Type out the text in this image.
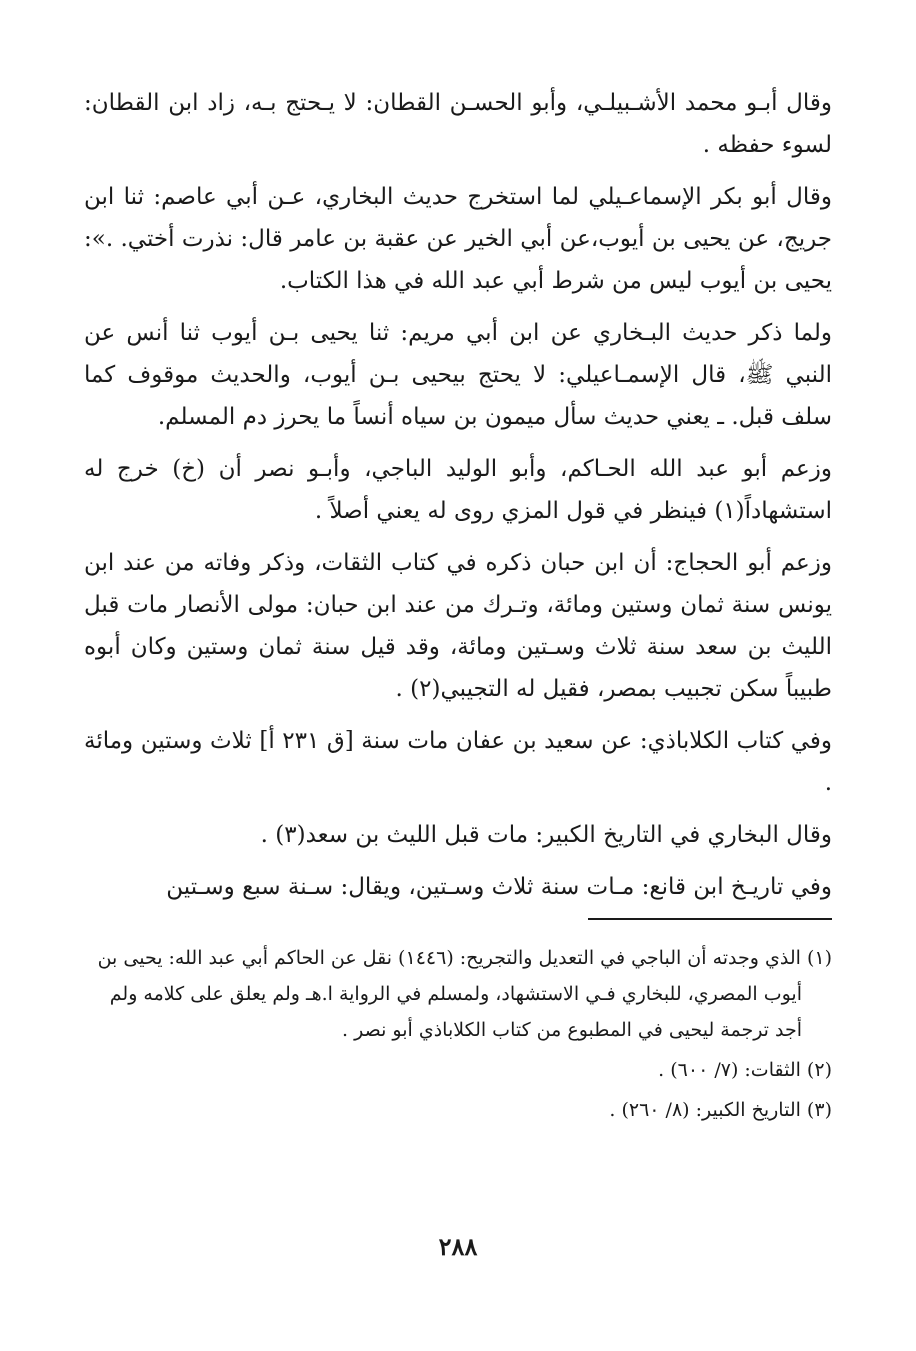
وقال أبـو محمد الأشـبيلـي، وأبو الحسـن القطان: لا يـحتج بـه، زاد ابن القطان: لسوء حفظه .

وقال أبو بكر الإسماعـيلي لما استخرج حديث البخاري، عـن أبي عاصم: ثنا ابن جريج، عن يحيى بن أيوب،عن أبي الخير عن عقبة بن عامر قال: نذرت أختي. .»: يحيى بن أيوب ليس من شرط أبي عبد الله في هذا الكتاب.

ولما ذكر حديث البـخاري عن ابن أبي مريم: ثنا يحيى بـن أيوب ثنا أنس عن النبي ﷺ، قال الإسمـاعيلي: لا يحتج بيحيى بـن أيوب، والحديث موقوف كما سلف قبل. ـ يعني حديث سأل ميمون بن سياه أنساً ما يحرز دم المسلم.

وزعم أبو عبد الله الحـاكم، وأبو الوليد الباجي، وأبـو نصر أن (خ) خرج له استشهاداً(١) فينظر في قول المزي روى له يعني أصلاً .

وزعم أبو الحجاج: أن ابن حبان ذكره في كتاب الثقات، وذكر وفاته من عند ابن يونس سنة ثمان وستين ومائة، وتـرك من عند ابن حبان: مولى الأنصار مات قبل الليث بن سعد سنة ثلاث وسـتين ومائة، وقد قيل سنة ثمان وستين وكان أبوه طبيباً سكن تجبيب بمصر، فقيل له التجيبي(٢) .

وفي كتاب الكلاباذي: عن سعيد بن عفان مات سنة [ق ٢٣١ أ] ثلاث وستين ومائة .

وقال البخاري في التاريخ الكبير: مات قبل الليث بن سعد(٣) .

وفي تاريـخ ابن قانع: مـات سنة ثلاث وسـتين، ويقال: سـنة سبع وسـتين

(١) الذي وجدته أن الباجي في التعديل والتجريح: (١٤٤٦) نقل عن الحاكم أبي عبد الله: يحيى بن أيوب المصري، للبخاري فـي الاستشهاد، ولمسلم في الرواية ا.هـ ولم يعلق على كلامه ولم أجد ترجمة ليحيى في المطبوع من كتاب الكلاباذي أبو نصر .

(٢) الثقات: (٧/ ٦٠٠) .

(٣) التاريخ الكبير: (٨/ ٢٦٠) .

٢٨٨
